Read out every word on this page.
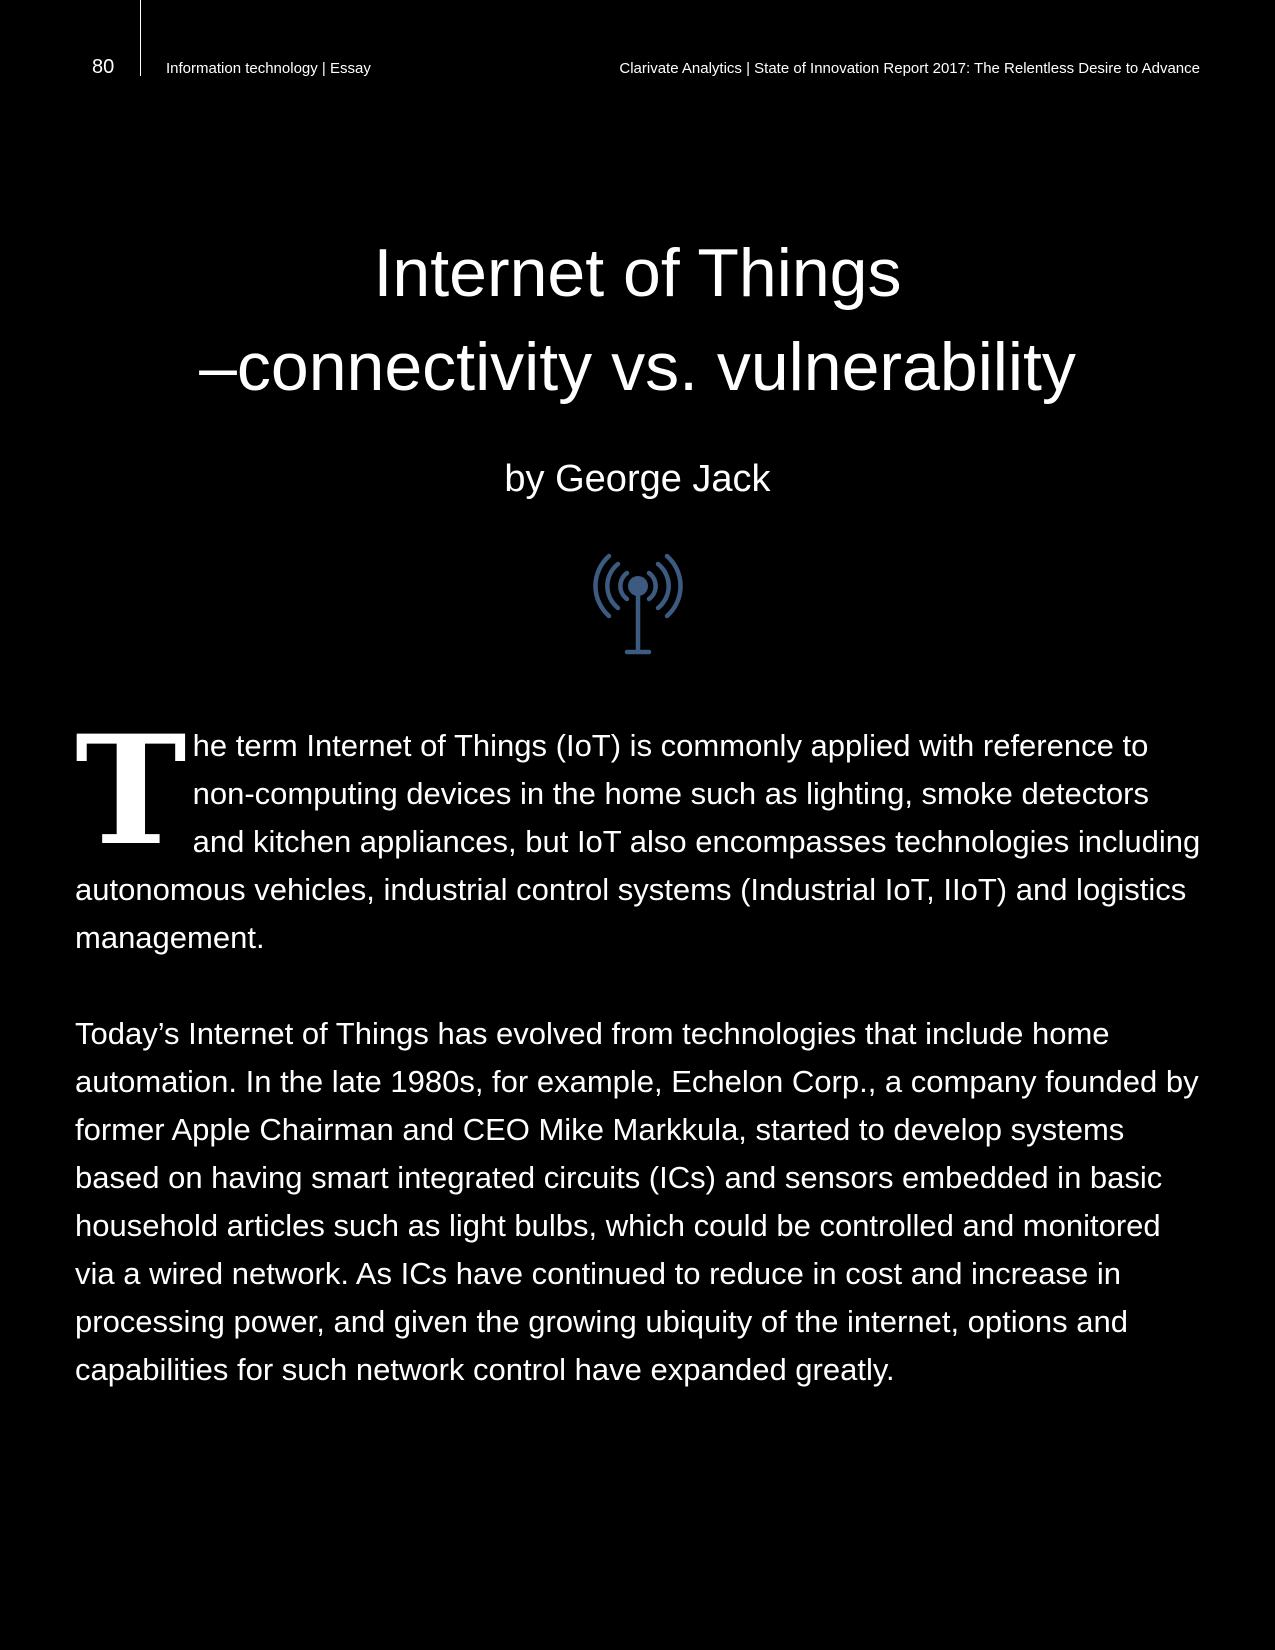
80	Information technology | Essay	Clarivate Analytics | State of Innovation Report 2017: The Relentless Desire to Advance
Internet of Things
–connectivity vs. vulnerability
by George Jack

The term Internet of Things (IoT) is commonly applied with reference to non-computing devices in the home such as lighting, smoke detectors and kitchen appliances, but IoT also encompasses technologies including autonomous vehicles, industrial control systems (Industrial IoT, IIoT) and logistics management.

Today’s Internet of Things has evolved from technologies that include home automation. In the late 1980s, for example, Echelon Corp., a company founded by former Apple Chairman and CEO Mike Markkula, started to develop systems based on having smart integrated circuits (ICs) and sensors embedded in basic household articles such as light bulbs, which could be controlled and monitored via a wired network. As ICs have continued to reduce in cost and increase in processing power, and given the growing ubiquity of the internet, options and capabilities for such network control have expanded greatly.
